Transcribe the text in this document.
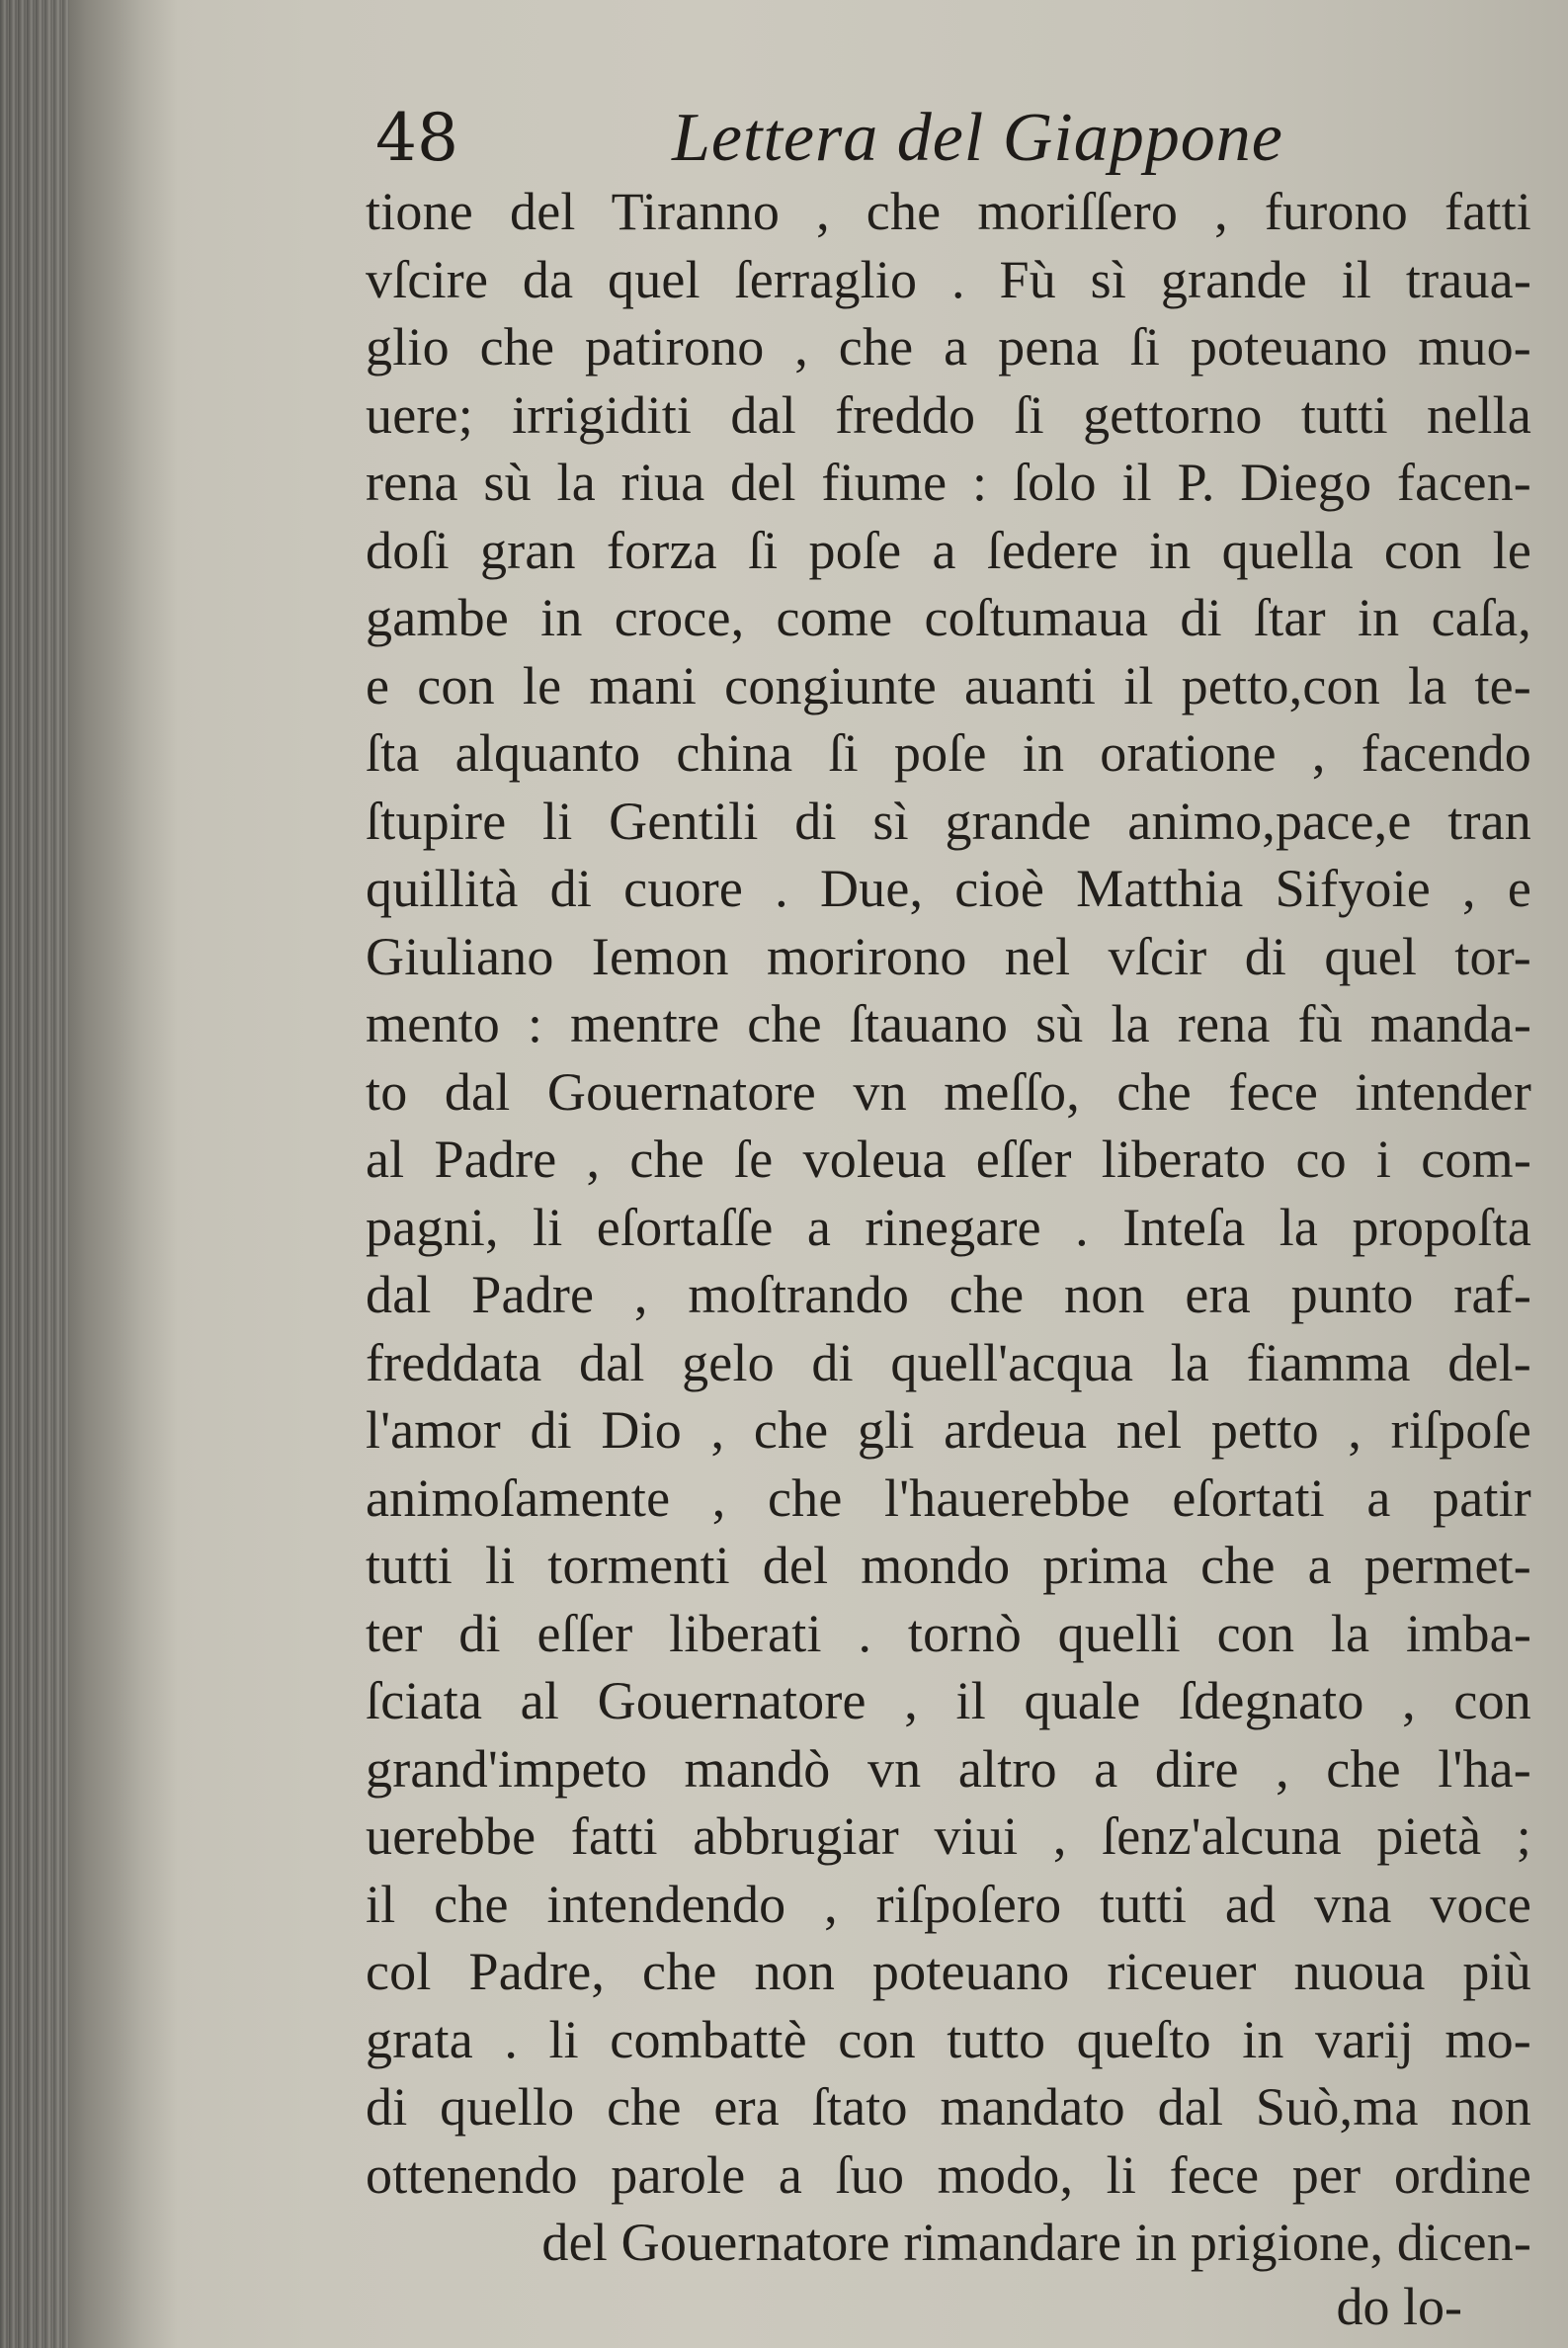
48	Lettera del Giappone
tione del Tiranno , che moriſſero , furono fatti
vſcire da quel ſerraglio . Fù sì grande il traua-
glio che patirono , che a pena ſi poteuano muo-
uere; irrigiditi dal freddo ſi gettorno tutti nella
rena sù la riua del fiume : ſolo il P. Diego facen-
doſi gran forza ſi poſe a ſedere in quella con le
gambe in croce, come coſtumaua di ſtar in caſa,
e con le mani congiunte auanti il petto,con la te-
ſta alquanto china ſi poſe in oratione , facendo
ſtupire li Gentili di sì grande animo,pace,e tran
quillità di cuore . Due, cioè Matthia Sifyoie , e
Giuliano Iemon morirono nel vſcir di quel tor-
mento : mentre che ſtauano sù la rena fù manda-
to dal Gouernatore vn meſſo, che fece intender
al Padre , che ſe voleua eſſer liberato co i com-
pagni, li eſortaſſe a rinegare . Inteſa la propoſta
dal Padre , moſtrando che non era punto raf-
freddata dal gelo di quell'acqua la fiamma del-
l'amor di Dio , che gli ardeua nel petto , riſpoſe
animoſamente , che l'hauerebbe eſortati a patir
tutti li tormenti del mondo prima che a permet-
ter di eſſer liberati . tornò quelli con la imba-
ſciata al Gouernatore , il quale ſdegnato , con
grand'impeto mandò vn altro a dire , che l'ha-
uerebbe fatti abbrugiar viui , ſenz'alcuna pietà ;
il che intendendo , riſpoſero tutti ad vna voce
col Padre, che non poteuano riceuer nuoua più
grata . li combattè con tutto queſto in varij mo-
di quello che era ſtato mandato dal Suò,ma non
ottenendo parole a ſuo modo, li fece per ordine
del Gouernatore rimandare in prigione, dicen-
do lo-
